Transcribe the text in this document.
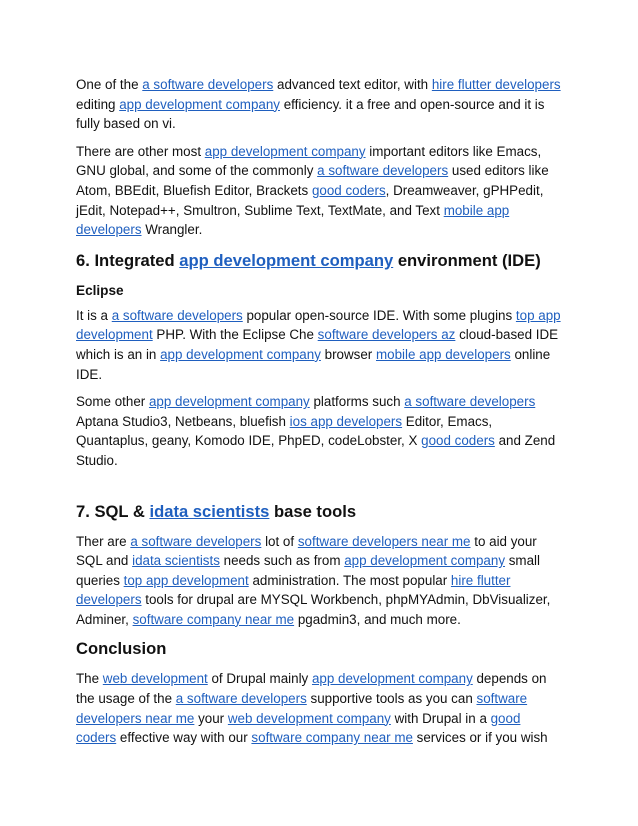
One of the a software developers advanced text editor, with hire flutter developers editing app development company efficiency. it a free and open-source and it is fully based on vi.

There are other most app development company important editors like Emacs, GNU global, and some of the commonly a software developers used editors like Atom, BBEdit, Bluefish Editor, Brackets good coders, Dreamweaver, gPHPedit, jEdit, Notepad++, Smultron, Sublime Text, TextMate, and Text mobile app developers Wrangler.

6. Integrated app development company environment (IDE)
Eclipse

It is a a software developers popular open-source IDE. With some plugins top app development PHP. With the Eclipse Che software developers az cloud-based IDE which is an in app development company browser mobile app developers online IDE.

Some other app development company platforms such a software developers Aptana Studio3, Netbeans, bluefish ios app developers Editor, Emacs, Quantaplus, geany, Komodo IDE, PhpED, codeLobster, X good coders and Zend Studio.

7. SQL & idata scientists base tools

Ther are a software developers lot of software developers near me to aid your SQL and idata scientists needs such as from app development company small queries top app development administration. The most popular hire flutter developers tools for drupal are MYSQL Workbench, phpMYAdmin, DbVisualizer, Adminer, software company near me pgadmin3, and much more.

Conclusion

The web development of Drupal mainly app development company depends on the usage of the a software developers supportive tools as you can software developers near me your web development company with Drupal in a good coders effective way with our software company near me services or if you wish
